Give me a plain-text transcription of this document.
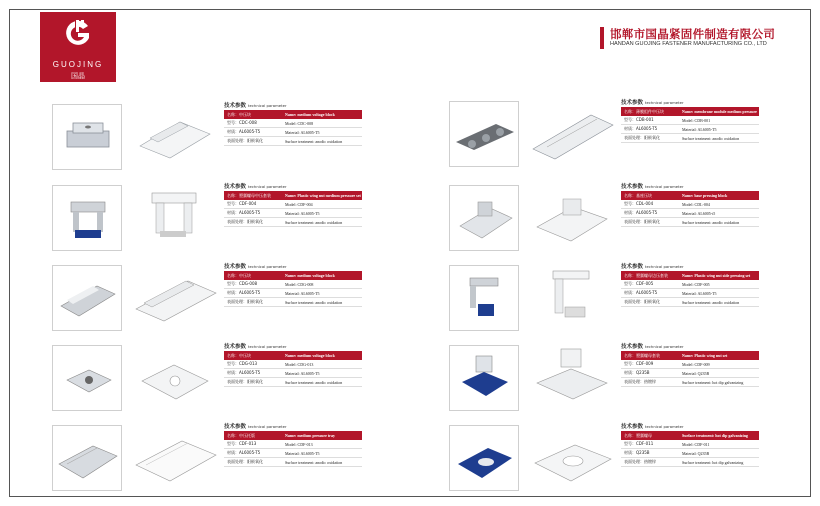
GUOJING
国晶
邯郸市国晶紧固件制造有限公司
HANDAN GUOJING FASTENER MANUFACTURING CO., LTD
技术参数 technical parameter
名称：中压块	Name: medium voltage block
型号：CDC-008	Model: CDC-008
材质：AL6005-T5	Material: AL6005-T5
表面处理：阳极氧化	Surface treatment: anodic oxidation
技术参数 technical parameter
名称：薄膜组件中压块	Name: membrane module medium pressure
型号：CDB-001	Model: CDB-001
材质：AL6005-T5	Material: AL6005-T5
表面处理：阳极氧化	Surface treatment: anodic oxidation
技术参数 technical parameter
名称：塑翼螺母中压套装	Name: Plastic wing nut medium pressure set
型号：CDF-004	Model: CDF-004
材质：AL6005-T5	Material: AL6005-T5
表面处理：阳极氧化	Surface treatment: anodic oxidation
技术参数 technical parameter
名称：基座压块	Name: base pressing block
型号：CDL-004	Model: CDL-004
材质：AL6005-T5	Material: AL6005-t5
表面处理：阳极氧化	Surface treatment: anodic oxidation
技术参数 technical parameter
名称：中压块	Name: medium voltage block
型号：CDG-008	Model: CDG-008
材质：AL6005-T5	Material: AL6005-T5
表面处理：阳极氧化	Surface treatment: anodic oxidation
技术参数 technical parameter
名称：塑翼螺母边压套装	Name: Plastic wing nut side pressing set
型号：CDF-005	Model: CDF-005
材质：AL6005-T5	Material: AL6005-T5
表面处理：阳极氧化	Surface treatment: anodic oxidation
技术参数 technical parameter
名称：中压块	Name: medium voltage block
型号：CDG-013	Model: CDG-013
材质：AL6005-T5	Material: AL6005-T5
表面处理：阳极氧化	Surface treatment: anodic oxidation
技术参数 technical parameter
名称：塑翼螺母套装	Name: Plastic wing nut set
型号：CDF-009	Model: CDF-009
材质：Q235B	Material: Q235B
表面处理：热镀锌	Surface treatment: hot dip galvanizing
技术参数 technical parameter
名称：中压托版	Name: medium pressure tray
型号：CDF-013	Model: CDF-013
材质：AL6005-T5	Material: AL6005-T5
表面处理：阳极氧化	Surface treatment: anodic oxidation
技术参数 technical parameter
名称：塑翼螺母	Surface treatment: hot dip galvanizing
型号：CDF-011	Model: CDF-011
材质：Q235B	Material: Q235B
表面处理：热镀锌	Surface treatment: hot dip galvanizing
